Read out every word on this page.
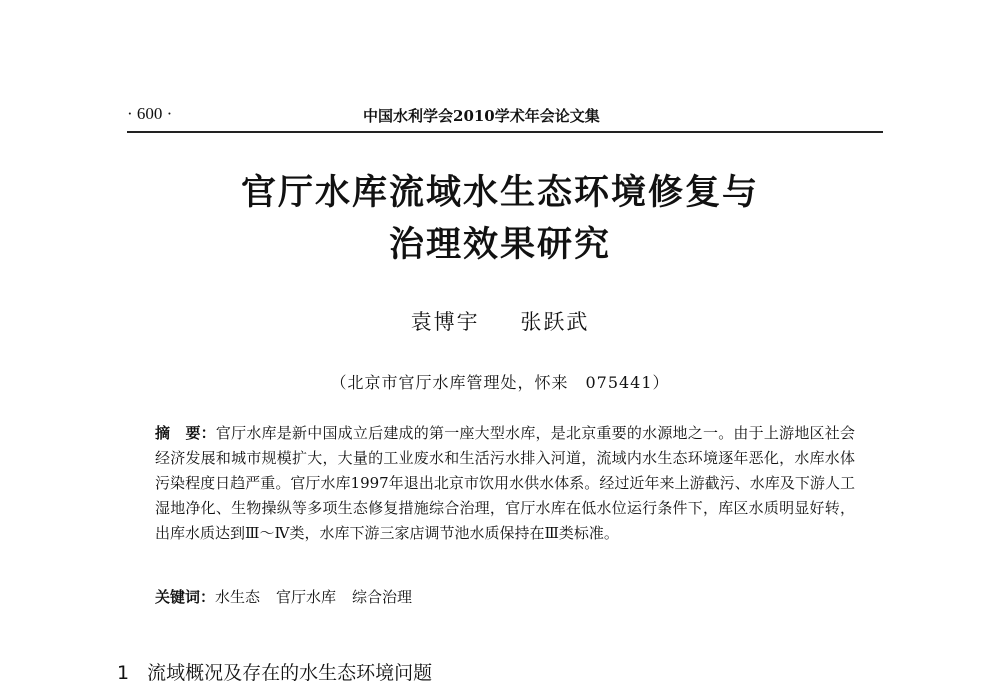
· 600 ·	中国水利学会2010学术年会论文集
官厅水库流域水生态环境修复与
治理效果研究
袁博宇 张跃武
（北京市官厅水库管理处，怀来　075441）
摘　要：官厅水库是新中国成立后建成的第一座大型水库，是北京重要的水源地之一。由于上游地区社会经济发展和城市规模扩大，大量的工业废水和生活污水排入河道，流域内水生态环境逐年恶化，水库水体污染程度日趋严重。官厅水库1997年退出北京市饮用水供水体系。经过近年来上游截污、水库及下游人工湿地净化、生物操纵等多项生态修复措施综合治理，官厅水库在低水位运行条件下，库区水质明显好转，出库水质达到Ⅲ～Ⅳ类，水库下游三家店调节池水质保持在Ⅲ类标准。
关键词：水生态 官厅水库 综合治理
1 流域概况及存在的水生态环境问题
